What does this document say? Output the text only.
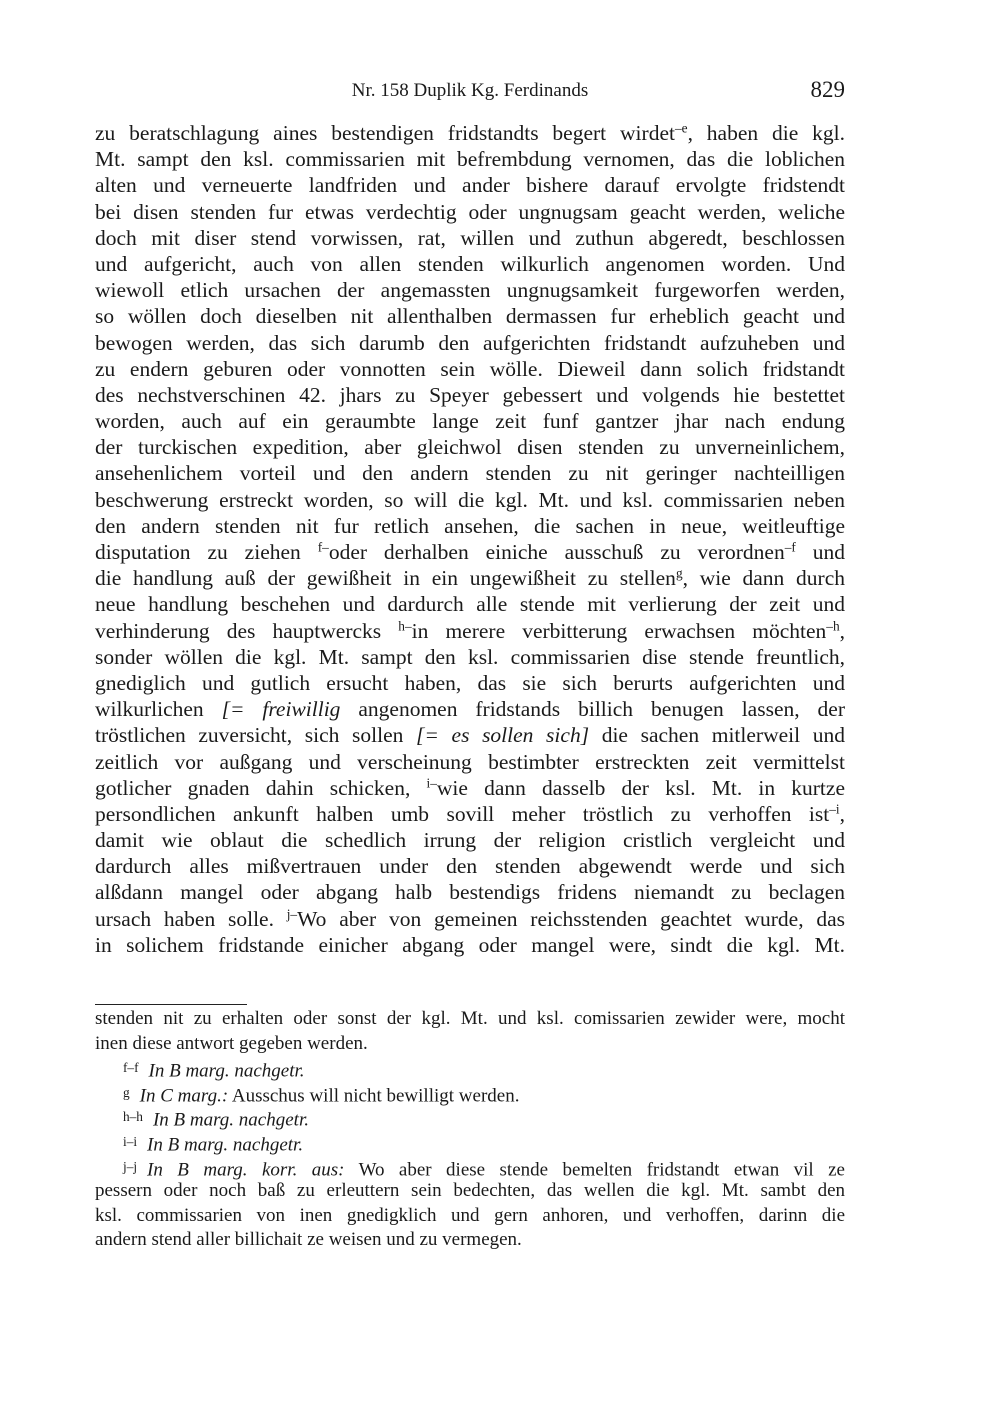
Nr. 158 Duplik Kg. Ferdinands	829
zu beratschlagung aines bestendigen fridstandts begert wirdet$^{-e}$, haben die kgl.
Mt. sampt den ksl. commissarien mit befrembdung vernomen, das die loblichen
alten und verneuerte landfriden und ander bishere darauf ervolgte fridstendt
bei disen stenden fur etwas verdechtig oder ungnugsam geacht werden, weliche
doch mit diser stend vorwissen, rat, willen und zuthun abgeredt, beschlossen
und aufgericht, auch von allen stenden wilkurlich angenomen worden. Und
wiewoll etlich ursachen der angemassten ungnugsamkeit furgeworfen werden,
so wöllen doch dieselben nit allenthalben dermassen fur erheblich geacht und
bewogen werden, das sich darumb den aufgerichten fridstandt aufzuheben und
zu endern geburen oder vonnotten sein wölle. Dieweil dann solich fridstandt
des nechstverschinen 42. jhars zu Speyer gebessert und volgends hie bestettet
worden, auch auf ein geraumbte lange zeit funf gantzer jhar nach endung
der turckischen expedition, aber gleichwol disen stenden zu unverneinlichem,
ansehenlichem vorteil und den andern stenden zu nit geringer nachteilligen
beschwerung erstreckt worden, so will die kgl. Mt. und ksl. commissarien neben
den andern stenden nit fur retlich ansehen, die sachen in neue, weitleuftige
disputation zu ziehen $^{f-}$oder derhalben einiche ausschuß zu verordnen$^{-f}$ und
die handlung auß der gewißheit in ein ungewißheit zu stellen$^g$, wie dann durch
neue handlung beschehen und dardurch alle stende mit verlierung der zeit und
verhinderung des hauptwercks $^{h-}$in merere verbitterung erwachsen möchten$^{-h}$,
sonder wöllen die kgl. Mt. sampt den ksl. commissarien dise stende freuntlich,
gnediglich und gutlich ersucht haben, das sie sich berurts aufgerichten und
wilkurlichen [= freiwillig angenomen fridstands billich benugen lassen, der
tröstlichen zuversicht, sich sollen [= es sollen sich] die sachen mitlerweil und
zeitlich vor außgang und verscheinung bestimbter erstreckten zeit vermittelst
gotlicher gnaden dahin schicken, $^{i-}$wie dann dasselb der ksl. Mt. in kurtze
persondlichen ankunft halben umb sovill meher tröstlich zu verhoffen ist$^{-i}$,
damit wie oblaut die schedlich irrung der religion cristlich vergleicht und
dardurch alles mißvertrauen under den stenden abgewendt werde und sich
alßdann mangel oder abgang halb bestendigs fridens niemandt zu beclagen
ursach haben solle. $^{j-}$Wo aber von gemeinen reichsstenden geachtet wurde, das
in solichem fridstande einicher abgang oder mangel were, sindt die kgl. Mt.
stenden nit zu erhalten oder sonst der kgl. Mt. und ksl. comissarien zewider were, mocht
inen diese antwort gegeben werden.
f–f In B marg. nachgetr.
g In C marg.: Ausschus will nicht bewilligt werden.
h–h In B marg. nachgetr.
i–i In B marg. nachgetr.
j–j In B marg. korr. aus: Wo aber diese stende bemelten fridstandt etwan vil ze
pessern oder noch baß zu erleuttern sein bedechten, das wellen die kgl. Mt. sambt den
ksl. commissarien von inen gnedigklich und gern anhoren, und verhoffen, darinn die
andern stend aller billichait ze weisen und zu vermegen.
